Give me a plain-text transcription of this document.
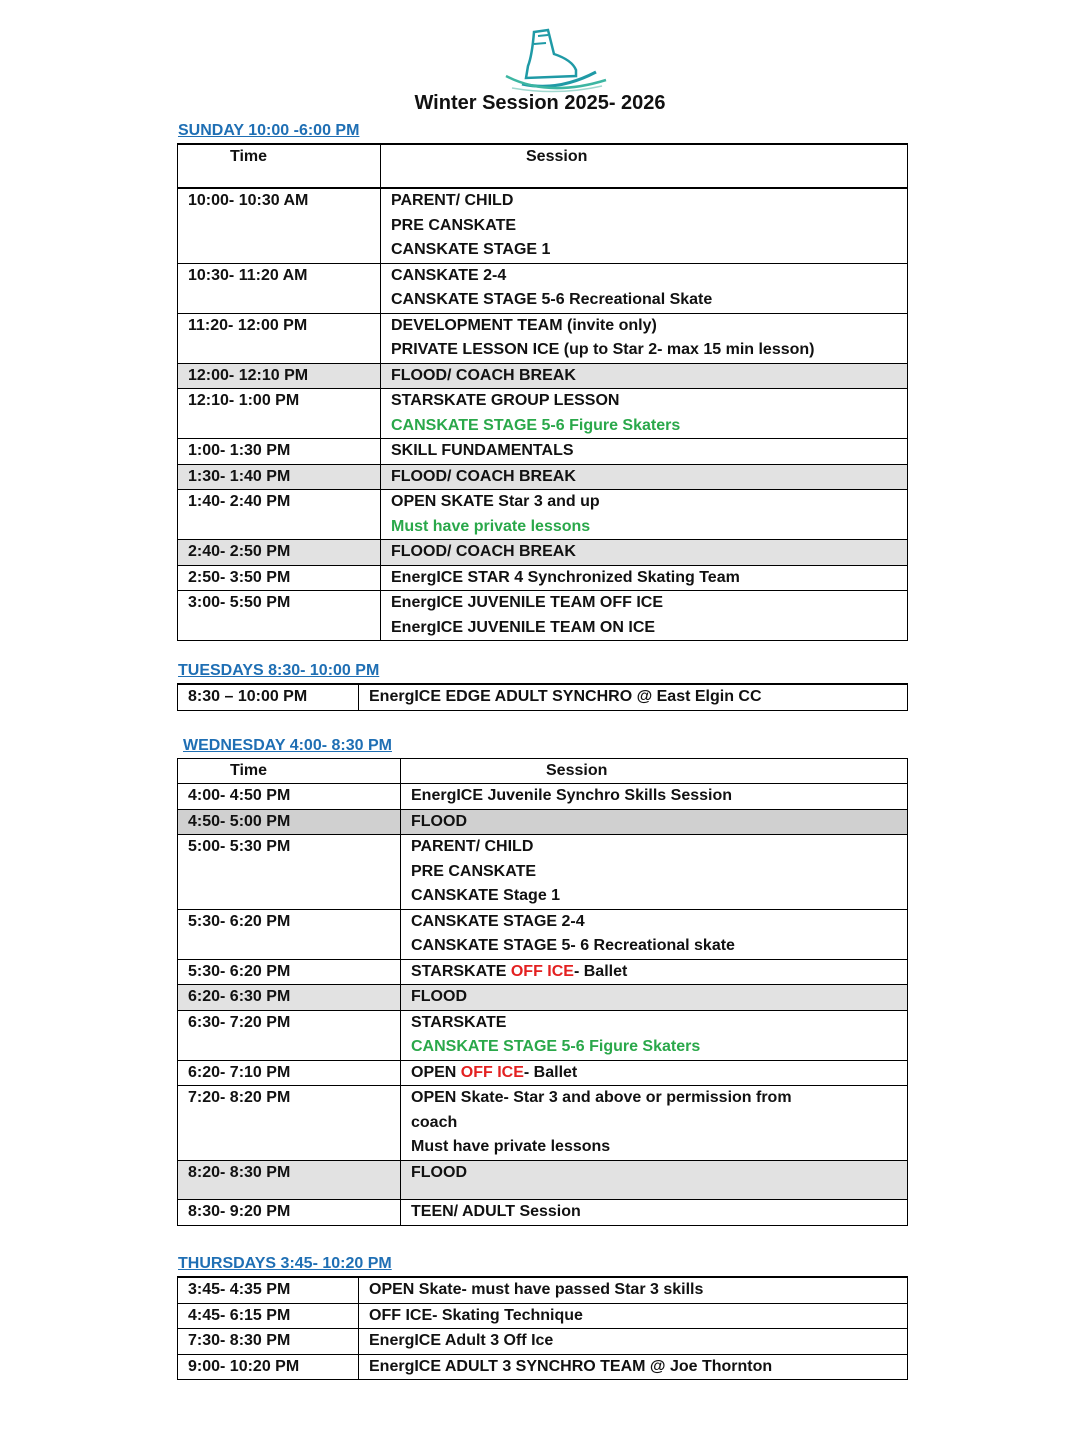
Winter Session 2025- 2026
SUNDAY 10:00 -6:00 PM
Time	Session

10:00- 10:30 AM	PARENT/ CHILD
PRE CANSKATE
CANSKATE STAGE 1

10:30- 11:20 AM	CANSKATE 2-4
CANSKATE STAGE 5-6 Recreational Skate

11:20- 12:00 PM	DEVELOPMENT TEAM (invite only)
PRIVATE LESSON ICE (up to Star 2- max 15 min lesson)

12:00- 12:10 PM	FLOOD/ COACH BREAK

12:10- 1:00 PM	STARSKATE GROUP LESSON
CANSKATE STAGE 5-6 Figure Skaters

1:00- 1:30 PM	SKILL FUNDAMENTALS

1:30- 1:40 PM	FLOOD/ COACH BREAK

1:40- 2:40 PM	OPEN SKATE Star 3 and up
Must have private lessons

2:40- 2:50 PM	FLOOD/ COACH BREAK

2:50- 3:50 PM	EnergICE STAR 4 Synchronized Skating Team

3:00- 5:50 PM	EnergICE JUVENILE TEAM OFF ICE
EnergICE JUVENILE TEAM ON ICE
TUESDAYS 8:30- 10:00 PM
8:30 – 10:00 PM	EnergICE EDGE ADULT SYNCHRO @ East Elgin CC
WEDNESDAY 4:00- 8:30 PM
Time	Session

4:00- 4:50 PM	EnergICE Juvenile Synchro Skills Session

4:50- 5:00 PM	FLOOD

5:00- 5:30 PM	PARENT/ CHILD
PRE CANSKATE
CANSKATE Stage 1

5:30- 6:20 PM	CANSKATE STAGE 2-4
CANSKATE STAGE 5- 6 Recreational skate

5:30- 6:20 PM	STARSKATE OFF ICE- Ballet

6:20- 6:30 PM	FLOOD

6:30- 7:20 PM	STARSKATE
CANSKATE STAGE 5-6 Figure Skaters

6:20- 7:10 PM	OPEN OFF ICE- Ballet

7:20- 8:20 PM	OPEN Skate- Star 3 and above or permission from
coach
Must have private lessons

8:20- 8:30 PM	FLOOD

8:30- 9:20 PM	TEEN/ ADULT Session
THURSDAYS 3:45- 10:20 PM
3:45- 4:35 PM	OPEN Skate- must have passed Star 3 skills

4:45- 6:15 PM	OFF ICE- Skating Technique

7:30- 8:30 PM	EnergICE Adult 3 Off Ice

9:00- 10:20 PM	EnergICE ADULT 3 SYNCHRO TEAM @ Joe Thornton
